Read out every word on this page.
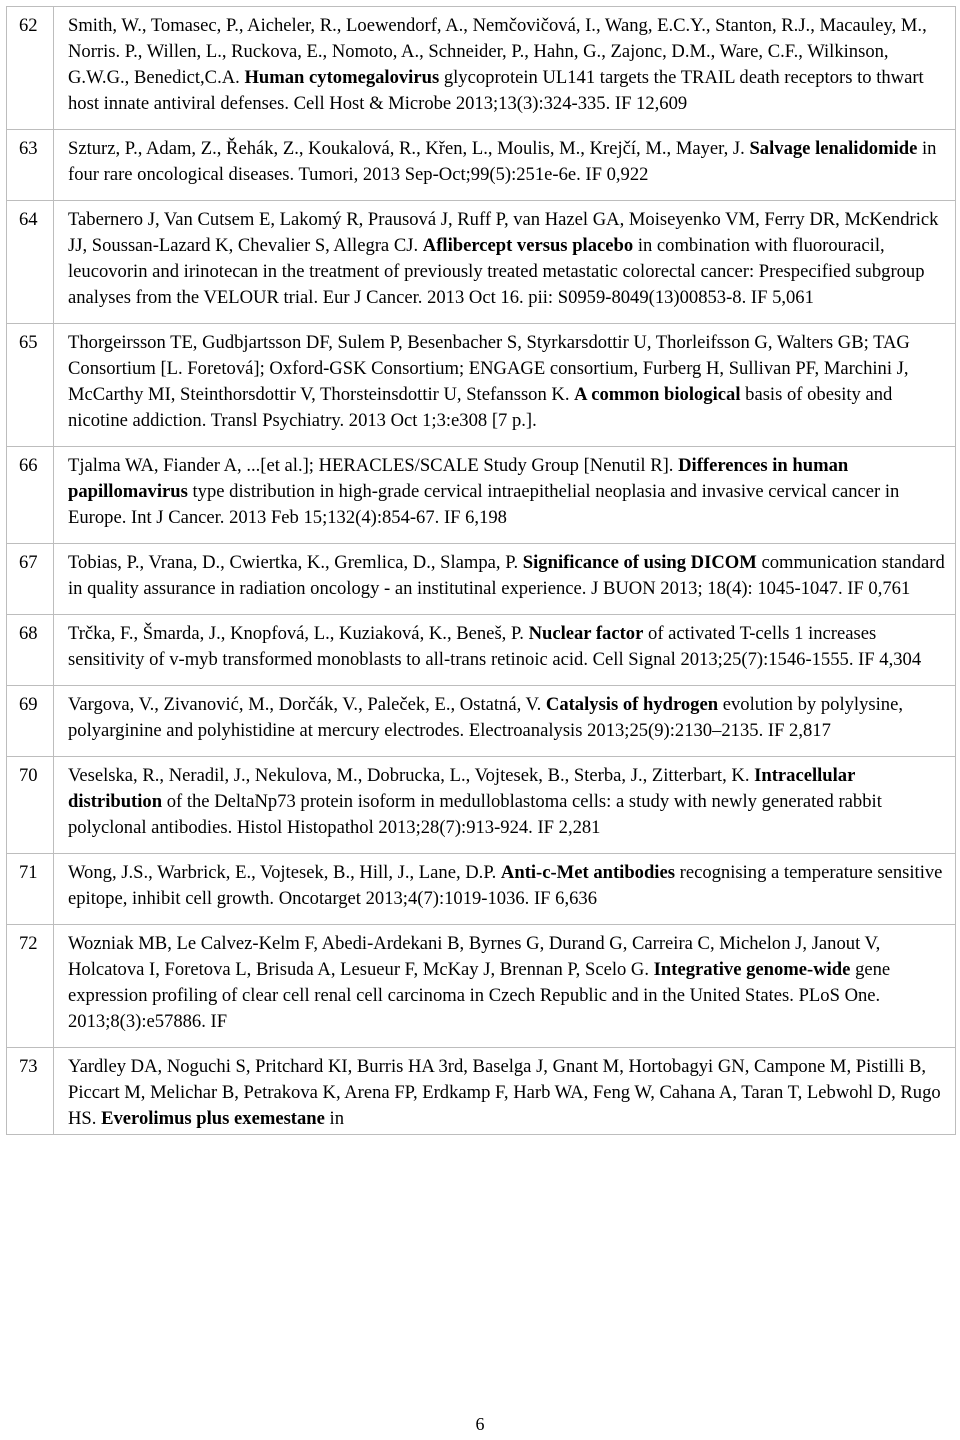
62	Smith, W., Tomasec, P., Aicheler, R., Loewendorf, A., Nemčovičová, I., Wang, E.C.Y., Stanton, R.J., Macauley, M., Norris. P., Willen, L., Ruckova, E., Nomoto, A., Schneider, P., Hahn, G., Zajonc, D.M., Ware, C.F., Wilkinson, G.W.G., Benedict,C.A. Human cytomegalovirus glycoprotein UL141 targets the TRAIL death receptors to thwart host innate antiviral defenses. Cell Host & Microbe 2013;13(3):324-335. IF 12,609
63	Szturz, P., Adam, Z., Řehák, Z., Koukalová, R., Křen, L., Moulis, M., Krejčí, M., Mayer, J. Salvage lenalidomide in four rare oncological diseases. Tumori, 2013 Sep-Oct;99(5):251e-6e. IF 0,922
64	Tabernero J, Van Cutsem E, Lakomý R, Prausová J, Ruff P, van Hazel GA, Moiseyenko VM, Ferry DR, McKendrick JJ, Soussan-Lazard K, Chevalier S, Allegra CJ. Aflibercept versus placebo in combination with fluorouracil, leucovorin and irinotecan in the treatment of previously treated metastatic colorectal cancer: Prespecified subgroup analyses from the VELOUR trial. Eur J Cancer. 2013 Oct 16. pii: S0959-8049(13)00853-8. IF 5,061
65	Thorgeirsson TE, Gudbjartsson DF, Sulem P, Besenbacher S, Styrkarsdottir U, Thorleifsson G, Walters GB; TAG Consortium [L. Foretová]; Oxford-GSK Consortium; ENGAGE consortium, Furberg H, Sullivan PF, Marchini J, McCarthy MI, Steinthorsdottir V, Thorsteinsdottir U, Stefansson K. A common biological basis of obesity and nicotine addiction. Transl Psychiatry. 2013 Oct 1;3:e308 [7 p.].
66	Tjalma WA, Fiander A, ...[et al.]; HERACLES/SCALE Study Group [Nenutil R]. Differences in human papillomavirus type distribution in high-grade cervical intraepithelial neoplasia and invasive cervical cancer in Europe. Int J Cancer. 2013 Feb 15;132(4):854-67. IF 6,198
67	Tobias, P., Vrana, D., Cwiertka, K., Gremlica, D., Slampa, P. Significance of using DICOM communication standard in quality assurance in radiation oncology - an institutinal experience. J BUON 2013; 18(4): 1045-1047. IF 0,761
68	Trčka, F., Šmarda, J., Knopfová, L., Kuziaková, K., Beneš, P. Nuclear factor of activated T-cells 1 increases sensitivity of v-myb transformed monoblasts to all-trans retinoic acid. Cell Signal 2013;25(7):1546-1555. IF 4,304
69	Vargova, V., Zivanović, M., Dorčák, V., Paleček, E., Ostatná, V. Catalysis of hydrogen evolution by polylysine, polyarginine and polyhistidine at mercury electrodes. Electroanalysis 2013;25(9):2130–2135. IF 2,817
70	Veselska, R., Neradil, J., Nekulova, M., Dobrucka, L., Vojtesek, B., Sterba, J., Zitterbart, K. Intracellular distribution of the DeltaNp73 protein isoform in medulloblastoma cells: a study with newly generated rabbit polyclonal antibodies. Histol Histopathol 2013;28(7):913-924. IF 2,281
71	Wong, J.S., Warbrick, E., Vojtesek, B., Hill, J., Lane, D.P. Anti-c-Met antibodies recognising a temperature sensitive epitope, inhibit cell growth. Oncotarget 2013;4(7):1019-1036. IF 6,636
72	Wozniak MB, Le Calvez-Kelm F, Abedi-Ardekani B, Byrnes G, Durand G, Carreira C, Michelon J, Janout V, Holcatova I, Foretova L, Brisuda A, Lesueur F, McKay J, Brennan P, Scelo G. Integrative genome-wide gene expression profiling of clear cell renal cell carcinoma in Czech Republic and in the United States. PLoS One. 2013;8(3):e57886. IF
73	Yardley DA, Noguchi S, Pritchard KI, Burris HA 3rd, Baselga J, Gnant M, Hortobagyi GN, Campone M, Pistilli B, Piccart M, Melichar B, Petrakova K, Arena FP, Erdkamp F, Harb WA, Feng W, Cahana A, Taran T, Lebwohl D, Rugo HS. Everolimus plus exemestane in
6
